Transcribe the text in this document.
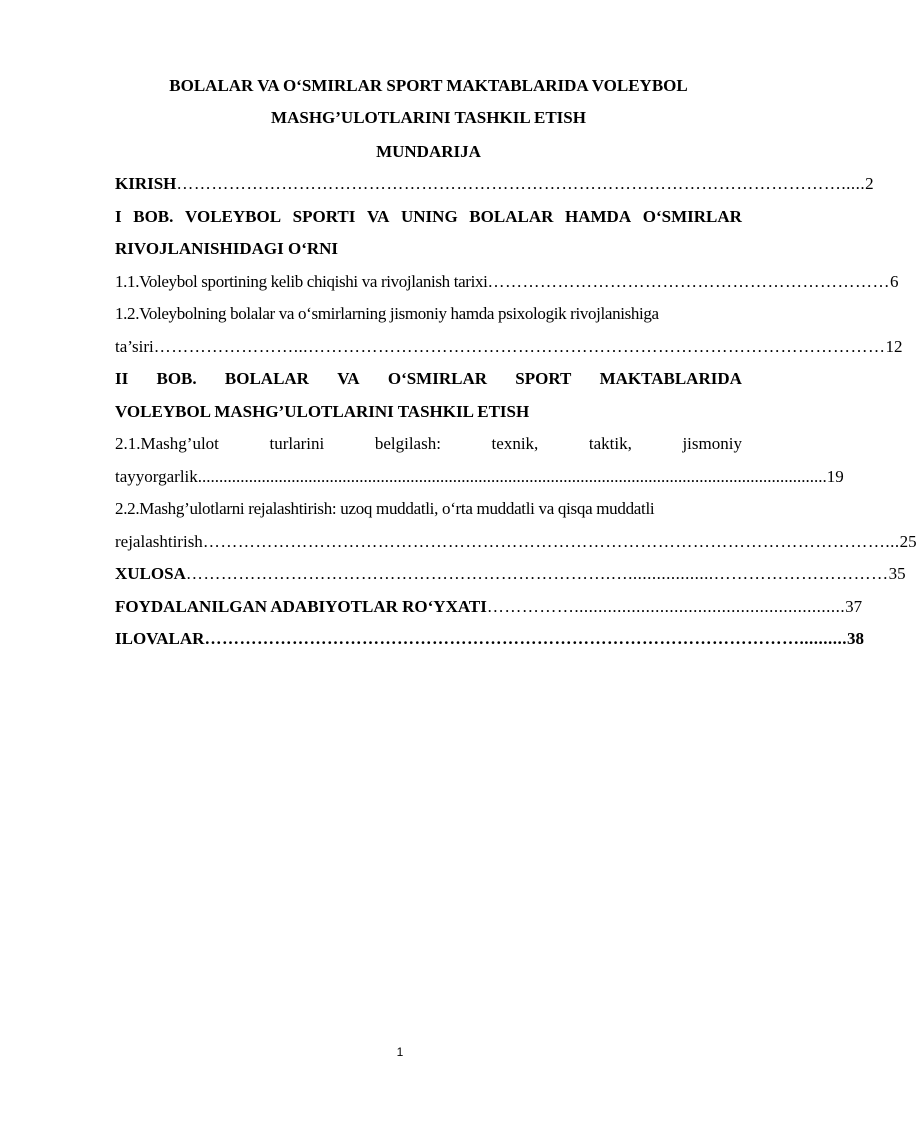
BOLALAR VA O‘SMIRLAR SPORT MAKTABLARIDA VOLEYBOL
MASHG’ULOTLARINI TASHKIL ETISH
MUNDARIJA
KIRISH ……………………………………………………………………………………………………..... 2
I BOB. VOLEYBOL SPORTI VA UNING BOLALAR HAMDA O‘SMIRLAR
RIVOJLANISHIDAGI O‘RNI
1.1.Voleybol sportining kelib chiqishi va rivojlanish tarixi …………………………………………………………… 6
1.2.Voleybolning bolalar va o‘smirlarning jismoniy hamda psixologik rivojlanishiga
ta’siri ……………………...……………………………………………………………………………………… 12
II BOB. BOLALAR VA O‘SMIRLAR SPORT MAKTABLARIDA
VOLEYBOL MASHG’ULOTLARINI TASHKIL ETISH
2.1.Mashg’ulot	turlarini	belgilash:	texnik,	taktik,	jismoniy
tayyorgarlik .................................................................................................................................................... 19
2.2.Mashg’ulotlarni rejalashtirish: uzoq muddatli, o‘rta muddatli va qisqa muddatli
rejalashtirish ………………………………………………………………………………………………………... 25
XULOSA ……………………………………………………………….…..................………………………… 35
FOYDALANILGAN ADABIYOTLAR RO‘YXATI ……………......................................................... 37
ILOVALAR ………………………………………………………………………………………….......... 38
1
